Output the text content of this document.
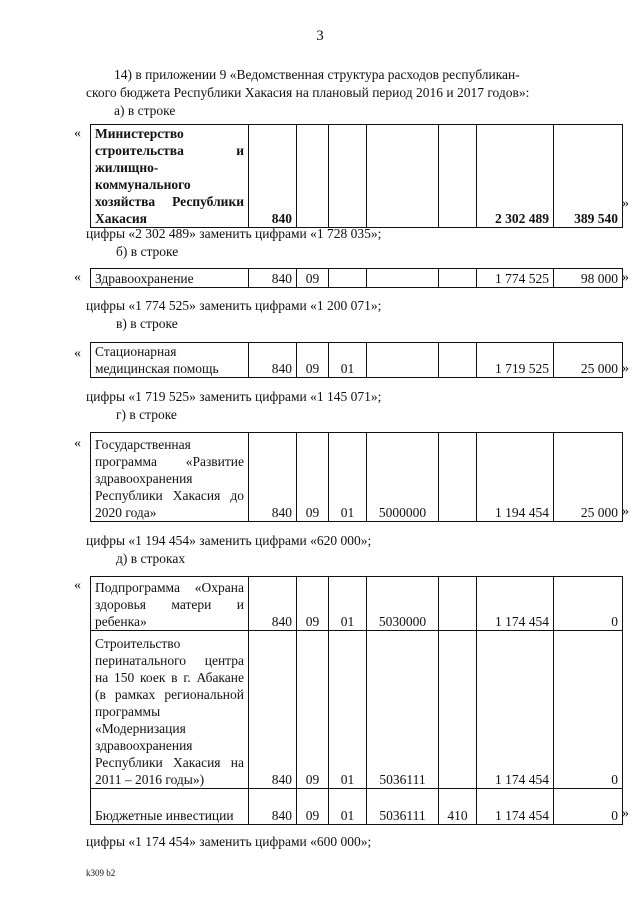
3
14) в приложении 9 «Ведомственная структура расходов республикан-
ского бюджета Республики Хакасия на плановый период 2016 и 2017 годов»:
а) в строке
« Министерство строительства и жилищно-коммунального хозяйства Республики Хакасия	840					2 302 489	389 540
»
цифры «2 302 489» заменить цифрами «1 728 035»;
б) в строке
« Здравоохранение	840	09				1 774 525	98 000 »
цифры «1 774 525» заменить цифрами «1 200 071»;
в) в строке
« Стационарная медицинская помощь	840	09	01			1 719 525	25 000 »
цифры «1 719 525» заменить цифрами «1 145 071»;
г) в строке
« Государственная программа «Развитие здравоохранения Республики Хакасия до 2020 года»	840	09	01	5000000		1 194 454	25 000 »
цифры «1 194 454» заменить цифрами «620 000»;
д) в строках
« Подпрограмма «Охрана здоровья матери и ребенка»	840	09	01	5030000		1 174 454	0
Строительство перинатального центра на 150 коек в г. Абакане (в рамках региональной программы «Модернизация здравоохранения Республики Хакасия на 2011 – 2016 годы»)	840	09	01	5036111		1 174 454	0
Бюджетные инвестиции	840	09	01	5036111	410	1 174 454	0 »
цифры «1 174 454» заменить цифрами «600 000»;
k309 b2
